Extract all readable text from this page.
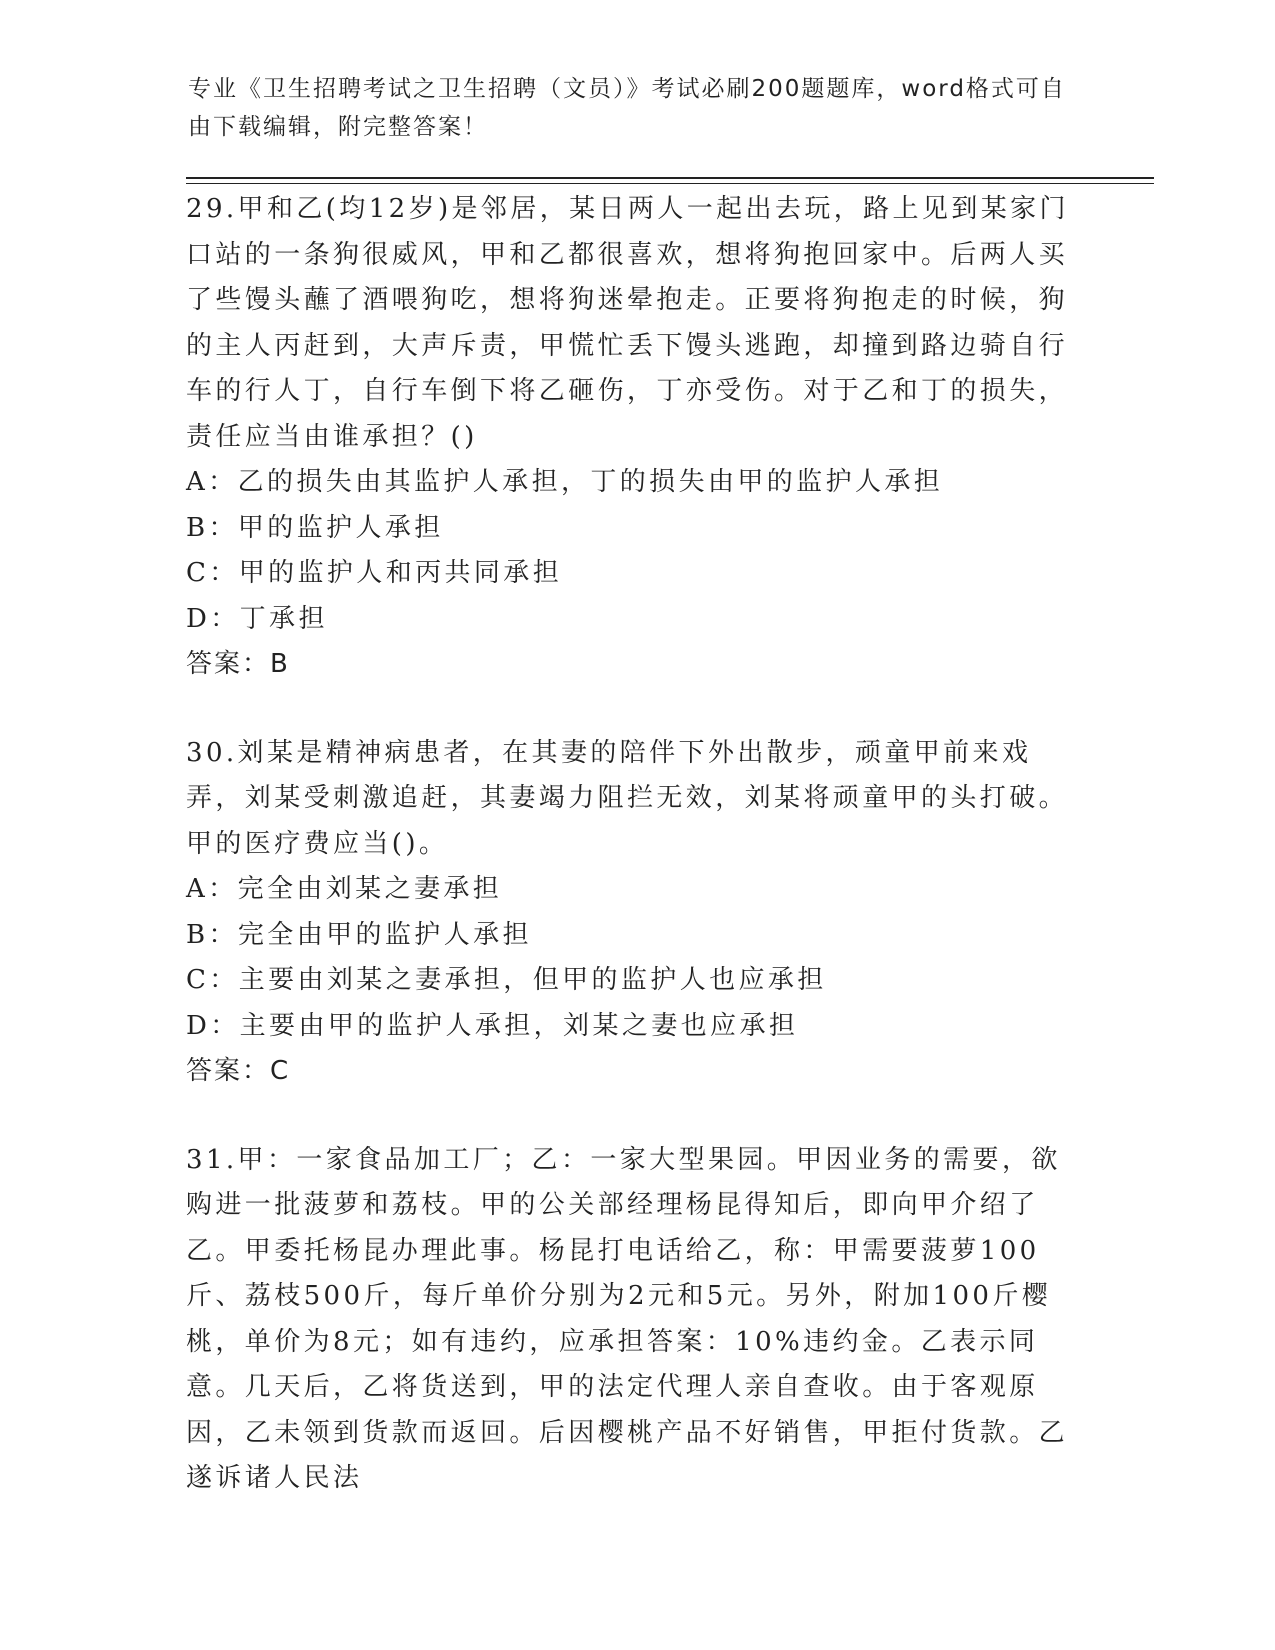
专业《卫生招聘考试之卫生招聘（文员）》考试必刷200题题库，word格式可自由下载编辑，附完整答案！

29.甲和乙(均12岁)是邻居，某日两人一起出去玩，路上见到某家门口站的一条狗很威风，甲和乙都很喜欢，想将狗抱回家中。后两人买了些馒头蘸了酒喂狗吃，想将狗迷晕抱走。正要将狗抱走的时候，狗的主人丙赶到，大声斥责，甲慌忙丢下馒头逃跑，却撞到路边骑自行车的行人丁，自行车倒下将乙砸伤，丁亦受伤。对于乙和丁的损失，责任应当由谁承担？()

A：乙的损失由其监护人承担，丁的损失由甲的监护人承担

B：甲的监护人承担

C：甲的监护人和丙共同承担

D：丁承担

答案：B

30.刘某是精神病患者，在其妻的陪伴下外出散步，顽童甲前来戏弄，刘某受刺激追赶，其妻竭力阻拦无效，刘某将顽童甲的头打破。甲的医疗费应当()。

A：完全由刘某之妻承担

B：完全由甲的监护人承担

C：主要由刘某之妻承担，但甲的监护人也应承担

D：主要由甲的监护人承担，刘某之妻也应承担

答案：C

31.甲：一家食品加工厂；乙：一家大型果园。甲因业务的需要，欲购进一批菠萝和荔枝。甲的公关部经理杨昆得知后，即向甲介绍了乙。甲委托杨昆办理此事。杨昆打电话给乙，称：甲需要菠萝100斤、荔枝500斤，每斤单价分别为2元和5元。另外，附加100斤樱桃，单价为8元；如有违约，应承担答案：10%违约金。乙表示同意。几天后，乙将货送到，甲的法定代理人亲自查收。由于客观原因，乙未领到货款而返回。后因樱桃产品不好销售，甲拒付货款。乙遂诉诸人民法
